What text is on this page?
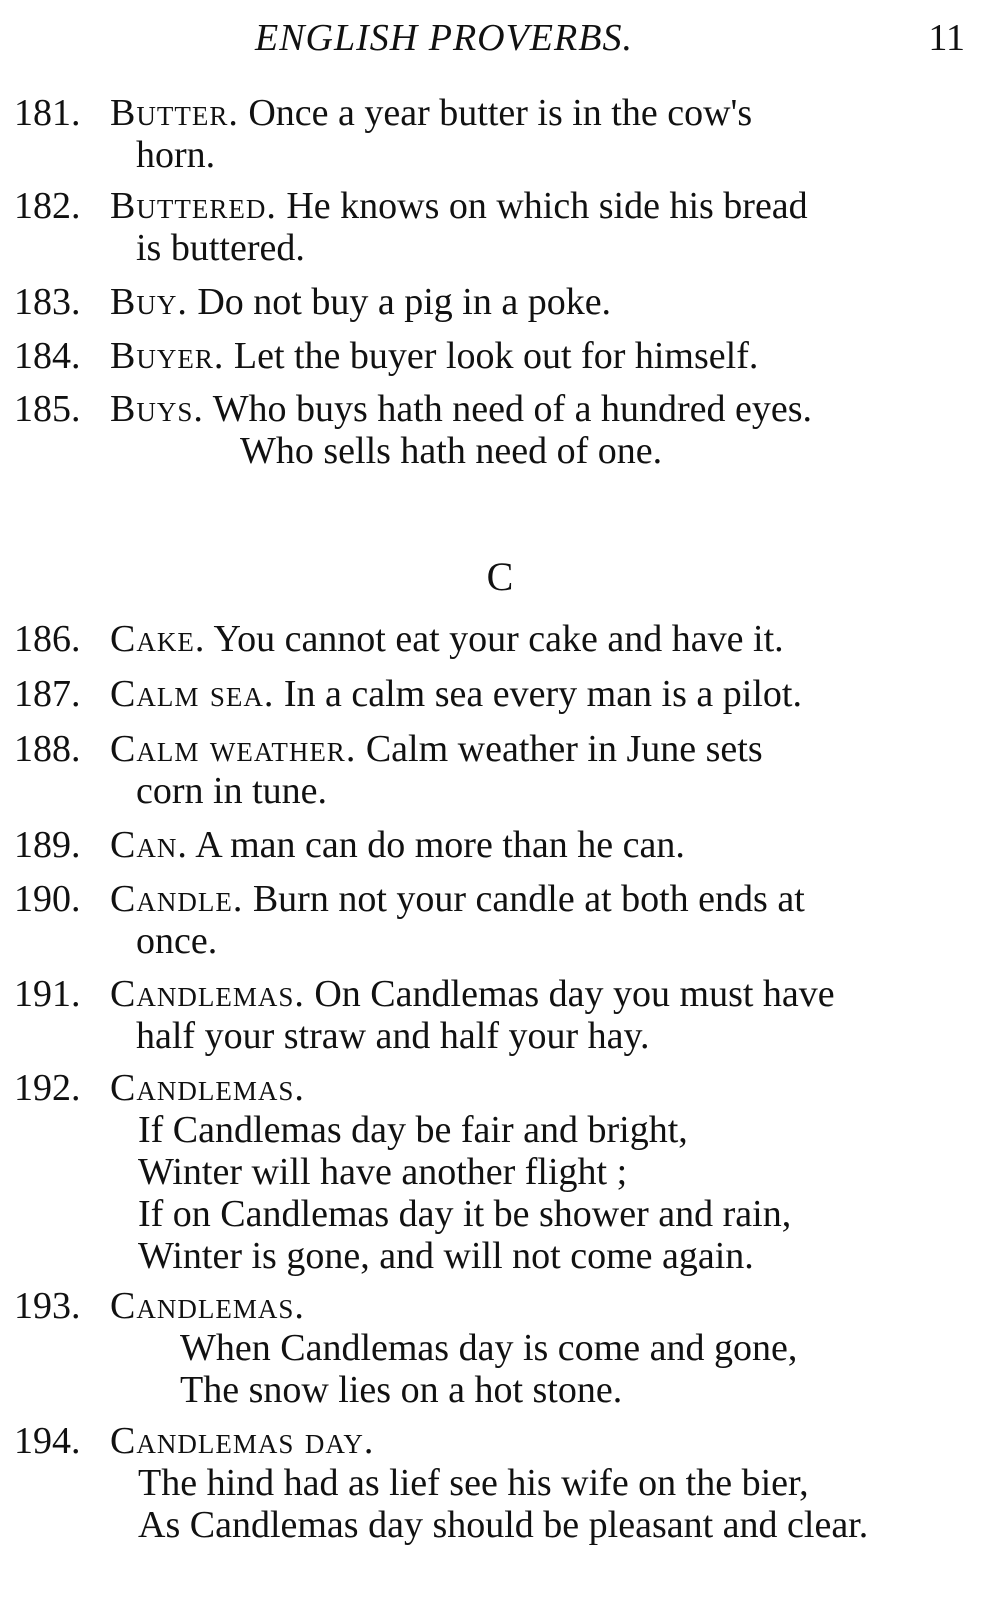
ENGLISH PROVERBS.	11
181. Butter. Once a year butter is in the cow's
horn.
182. Buttered. He knows on which side his bread
is buttered.
183. Buy. Do not buy a pig in a poke.
184. Buyer. Let the buyer look out for himself.
185. Buys. Who buys hath need of a hundred eyes.
Who sells hath need of one.
C
186. Cake. You cannot eat your cake and have it.
187. Calm sea. In a calm sea every man is a pilot.
188. Calm weather. Calm weather in June sets
corn in tune.
189. Can. A man can do more than he can.
190. Candle. Burn not your candle at both ends at
once.
191. Candlemas. On Candlemas day you must have
half your straw and half your hay.
192. Candlemas.
If Candlemas day be fair and bright,
Winter will have another flight ;
If on Candlemas day it be shower and rain,
Winter is gone, and will not come again.
193. Candlemas.
When Candlemas day is come and gone,
The snow lies on a hot stone.
194. Candlemas day.
The hind had as lief see his wife on the bier,
As Candlemas day should be pleasant and clear.
